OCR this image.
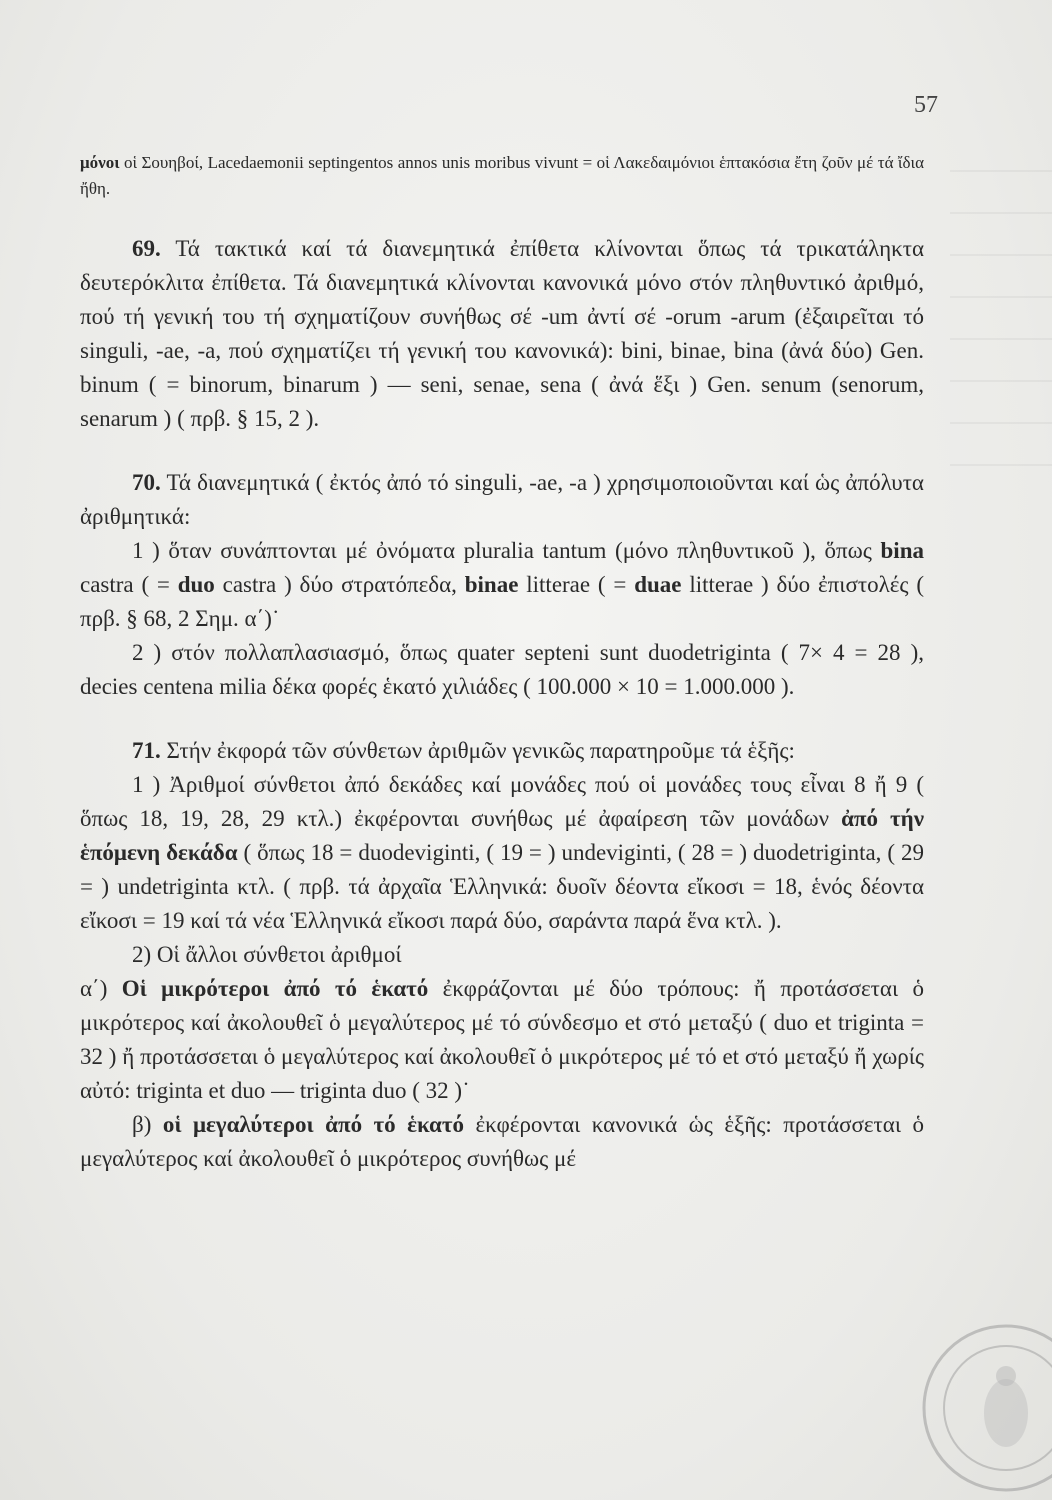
57

μόνοι οἱ Σουηβοί, Lacedaemonii septingentos annos unis moribus vivunt = οἱ Λακεδαιμόνιοι ἑπτακόσια ἔτη ζοῦν μέ τά ἴδια ἤθη.

69. Τά τακτικά καί τά διανεμητικά ἐπίθετα κλίνονται ὅπως τά τρικατάληκτα δευτερόκλιτα ἐπίθετα. Τά διανεμητικά κλίνονται κανονικά μόνο στόν πληθυντικό ἀριθμό, πού τή γενική του τή σχηματίζουν συνήθως σέ -um ἀντί σέ -orum -arum (ἐξαιρεῖται τό singuli, -ae, -a, πού σχηματίζει τή γενική του κανονικά): bini, binae, bina (ἀνά δύο) Gen. binum ( = binorum, binarum ) — seni, senae, sena ( ἀνά ἕξι ) Gen. senum (senorum, senarum ) ( πρβ. § 15, 2 ).

70. Τά διανεμητικά ( ἐκτός ἀπό τό singuli, -ae, -a ) χρησιμοποιοῦνται καί ὡς ἀπόλυτα ἀριθμητικά:

1 ) ὅταν συνάπτονται μέ ὀνόματα pluralia tantum (μόνο πληθυντικοῦ ), ὅπως bina castra ( = duo castra ) δύο στρατόπεδα, binae litterae ( = duae litterae ) δύο ἐπιστολές ( πρβ. § 68, 2 Σημ. α΄)˙

2 ) στόν πολλαπλασιασμό, ὅπως quater septeni sunt duodetriginta ( 7× 4 = 28 ), decies centena milia δέκα φορές ἑκατό χιλιάδες ( 100.000 × 10 = 1.000.000 ).

71. Στήν ἐκφορά τῶν σύνθετων ἀριθμῶν γενικῶς παρατηροῦμε τά ἑξῆς:

1 ) Ἀριθμοί σύνθετοι ἀπό δεκάδες καί μονάδες πού οἱ μονάδες τους εἶναι 8 ἤ 9 ( ὅπως 18, 19, 28, 29 κτλ.) ἐκφέρονται συνήθως μέ ἀφαίρεση τῶν μονάδων ἀπό τήν ἑπόμενη δεκάδα ( ὅπως 18 = duodeviginti, ( 19 = ) undeviginti, ( 28 = ) duodetriginta, ( 29 = ) undetriginta κτλ. ( πρβ. τά ἀρχαῖα Ἑλληνικά: δυοῖν δέοντα εἴκοσι = 18, ἑνός δέοντα εἴκοσι = 19 καί τά νέα Ἑλληνικά εἴκοσι παρά δύο, σαράντα παρά ἕνα κτλ. ).

2) Οἱ ἄλλοι σύνθετοι ἀριθμοί

α΄) Οἱ μικρότεροι ἀπό τό ἑκατό ἐκφράζονται μέ δύο τρόπους: ἤ προτάσσεται ὁ μικρότερος καί ἀκολουθεῖ ὁ μεγαλύτερος μέ τό σύνδεσμο et στό μεταξύ ( duo et triginta = 32 ) ἤ προτάσσεται ὁ μεγαλύτερος καί ἀκολουθεῖ ὁ μικρότερος μέ τό et στό μεταξύ ἤ χωρίς αὐτό: triginta et duo — triginta duo ( 32 )˙

β) οἱ μεγαλύτεροι ἀπό τό ἑκατό ἐκφέρονται κανονικά ὡς ἑξῆς: προτάσσεται ὁ μεγαλύτερος καί ἀκολουθεῖ ὁ μικρότερος συνήθως μέ
